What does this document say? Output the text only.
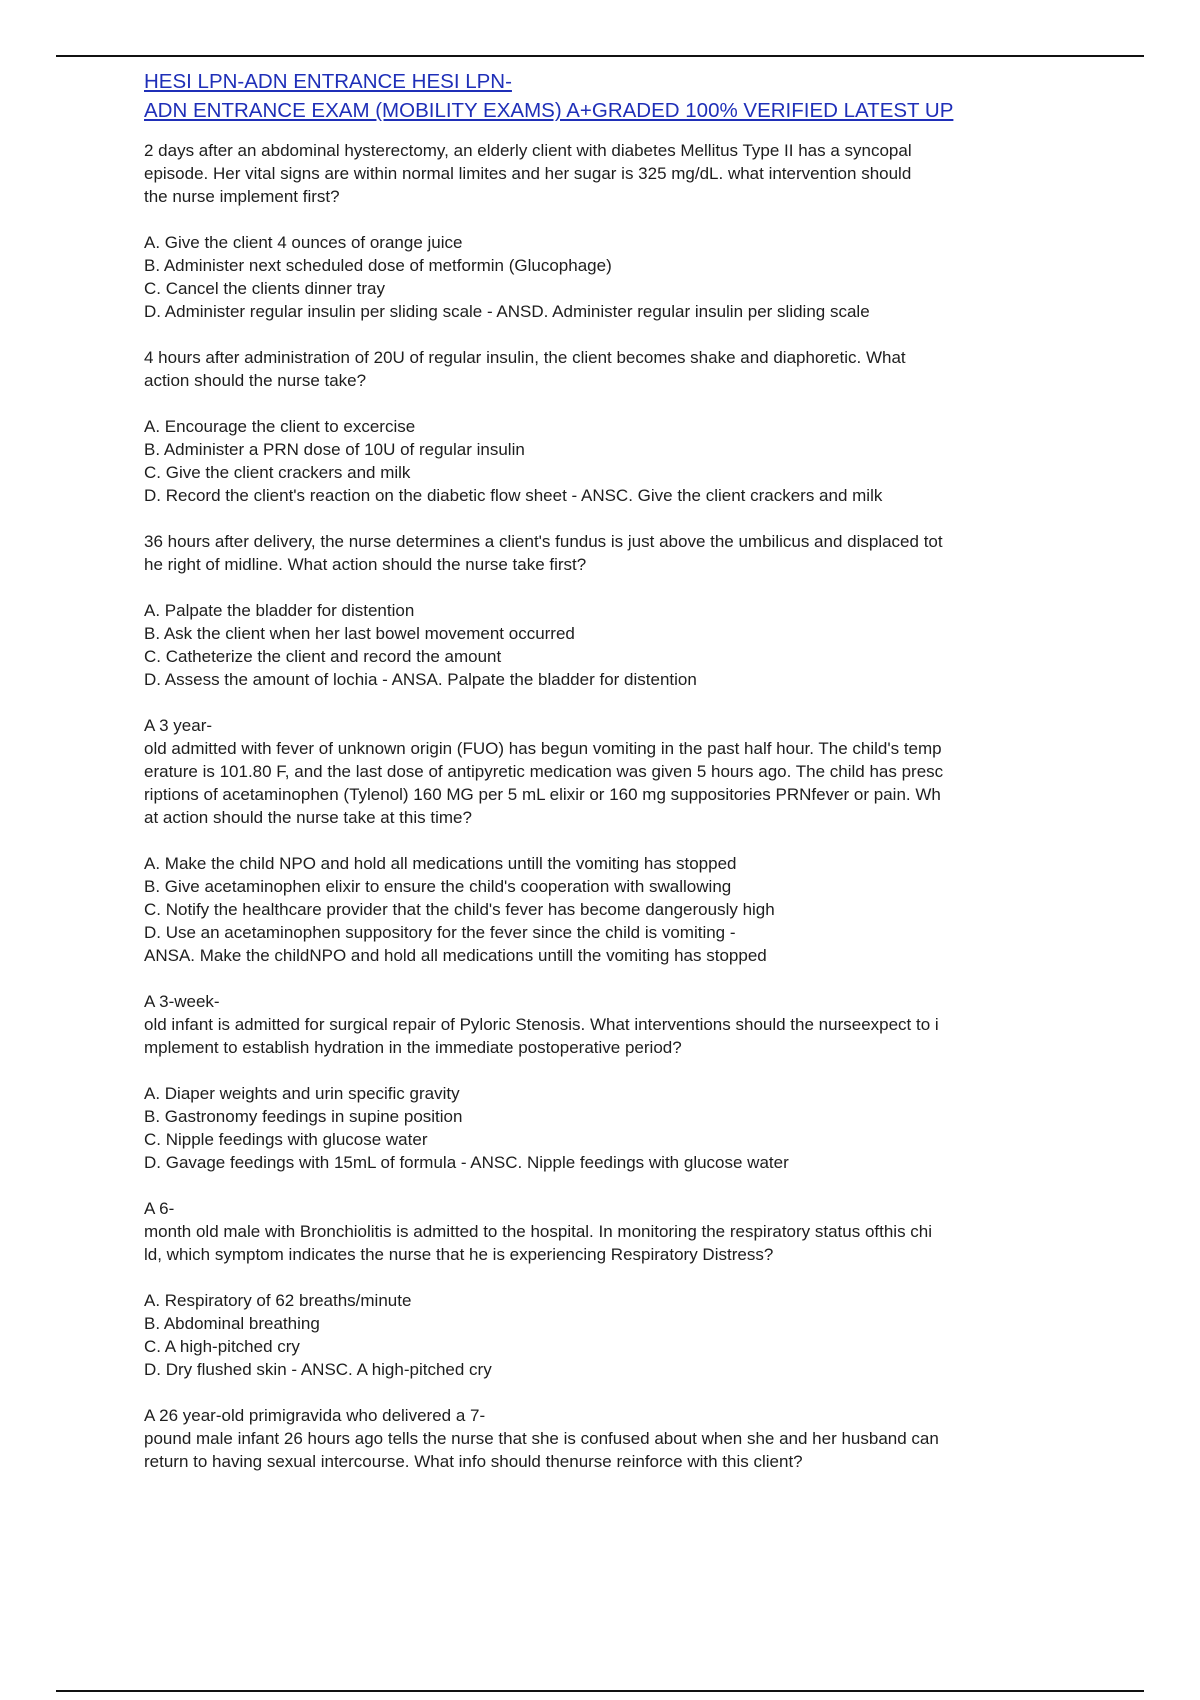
HESI LPN-ADN ENTRANCE HESI LPN-
ADN ENTRANCE EXAM (MOBILITY EXAMS) A+GRADED 100% VERIFIED LATEST UP

2 days after an abdominal hysterectomy, an elderly client with diabetes Mellitus Type II has a syncopal
episode. Her vital signs are within normal limites and her sugar is 325 mg/dL. what intervention should
the nurse implement first?

A. Give the client 4 ounces of orange juice
B. Administer next scheduled dose of metformin (Glucophage)
C. Cancel the clients dinner tray
D. Administer regular insulin per sliding scale - ANSD. Administer regular insulin per sliding scale

4 hours after administration of 20U of regular insulin, the client becomes shake and diaphoretic. What
action should the nurse take?

A. Encourage the client to excercise
B. Administer a PRN dose of 10U of regular insulin
C. Give the client crackers and milk
D. Record the client's reaction on the diabetic flow sheet - ANSC. Give the client crackers and milk

36 hours after delivery, the nurse determines a client's fundus is just above the umbilicus and displaced tot
he right of midline. What action should the nurse take first?

A. Palpate the bladder for distention
B. Ask the client when her last bowel movement occurred
C. Catheterize the client and record the amount
D. Assess the amount of lochia - ANSA. Palpate the bladder for distention

A 3 year-
old admitted with fever of unknown origin (FUO) has begun vomiting in the past half hour. The child's temp
erature is 101.80 F, and the last dose of antipyretic medication was given 5 hours ago. The child has presc
riptions of acetaminophen (Tylenol) 160 MG per 5 mL elixir or 160 mg suppositories PRNfever or pain. Wh
at action should the nurse take at this time?

A. Make the child NPO and hold all medications untill the vomiting has stopped
B. Give acetaminophen elixir to ensure the child's cooperation with swallowing
C. Notify the healthcare provider that the child's fever has become dangerously high
D. Use an acetaminophen suppository for the fever since the child is vomiting -
ANSA. Make the childNPO and hold all medications untill the vomiting has stopped

A 3-week-
old infant is admitted for surgical repair of Pyloric Stenosis. What interventions should the nurseexpect to i
mplement to establish hydration in the immediate postoperative period?

A. Diaper weights and urin specific gravity
B. Gastronomy feedings in supine position
C. Nipple feedings with glucose water
D. Gavage feedings with 15mL of formula - ANSC. Nipple feedings with glucose water

A 6-
month old male with Bronchiolitis is admitted to the hospital. In monitoring the respiratory status ofthis chi
ld, which symptom indicates the nurse that he is experiencing Respiratory Distress?

A. Respiratory of 62 breaths/minute
B. Abdominal breathing
C. A high-pitched cry
D. Dry flushed skin - ANSC. A high-pitched cry

A 26 year-old primigravida who delivered a 7-
pound male infant 26 hours ago tells the nurse that she is confused about when she and her husband can
return to having sexual intercourse. What info should thenurse reinforce with this client?
